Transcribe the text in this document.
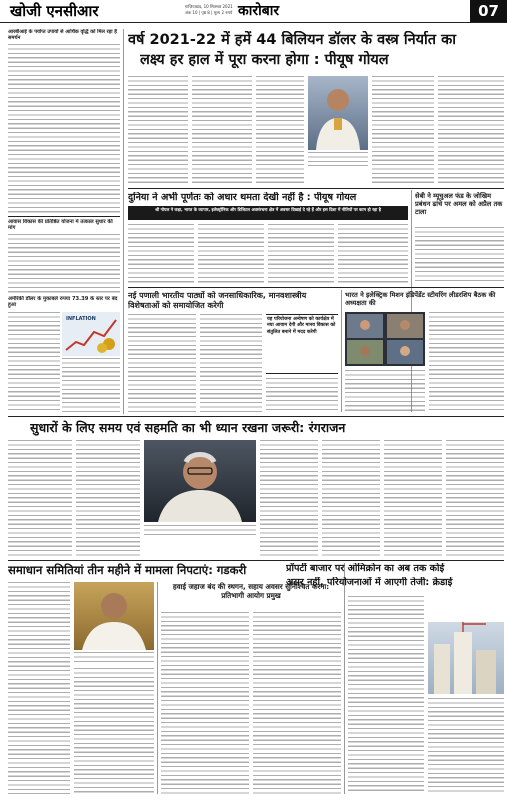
खोजी एनसीआर	गाज़ियाबाद, 10 सितम्बर 2021
अंक 10 | पृष्ठ 8 | मूल्य 2 रुपये कारोबार	07
आरबीआई के पर्याप्त उपायों से आर्थिक वृद्धि को मिल रहा है समर्थन
आवास विकास की प्रतिष्ठित योजना में तत्काल सुधार की मांग
अमेरिकी डॉलर के मुकाबले रुपया 73.39 के स्तर पर बंद हुआ
INFLATION
वर्ष 2021-22 में हमें 44 बिलियन डॉलर के वस्त्र निर्यात का
लक्ष्य हर हाल में पूरा करना होगा : पीयूष गोयल
दुनिया ने अभी पूर्णतः को अधार थमता देखी नहीं है : पीयूष गोयल
श्री गोयल ने कहा, भारत के व्यापार, इलेक्ट्रॉनिक और डिजिटल अवसंरचना क्षेत्र में अवसर दिखाई दे रहे हैं और इस दिशा में नीतियों पर काम हो रहा है
सेबी ने म्यूचुअल फंड के जोखिम प्रबंधन ढांचे पर अमल को अप्रैल तक टाला
नई पणाली भारतीय पाठ्यों को जनसाधिकारिक, मानवशास्त्रीय विशेषताओं को समायोजित करेगी
यह परियोजना अन्वेषण को कार्यक्षेत्र में नया आयाम देगी और मानव विकास को संतुलित बनाने में मदद करेगी
भारत ने इलेक्ट्रिक मिशन इंडिपेंडेंट स्टीयरिंग लीडरशिप बैठक की अध्यक्षता की
सुधारों के लिए समय एवं सहमति का भी ध्यान रखना जरूरी: रंगराजन
समाधान समितियां तीन महीने में मामला निपटाएं: गडकरी
हवाई जहाज बंद की स्थगन, सहाय अवसर सुनिश्चित करना: प्रतिभागी आयोग प्रमुख
प्रॉपर्टी बाजार पर ओमिक्रोन का अब तक कोई
असर नहीं, परियोजनाओं में आएगी तेजी: क्रेडाई
